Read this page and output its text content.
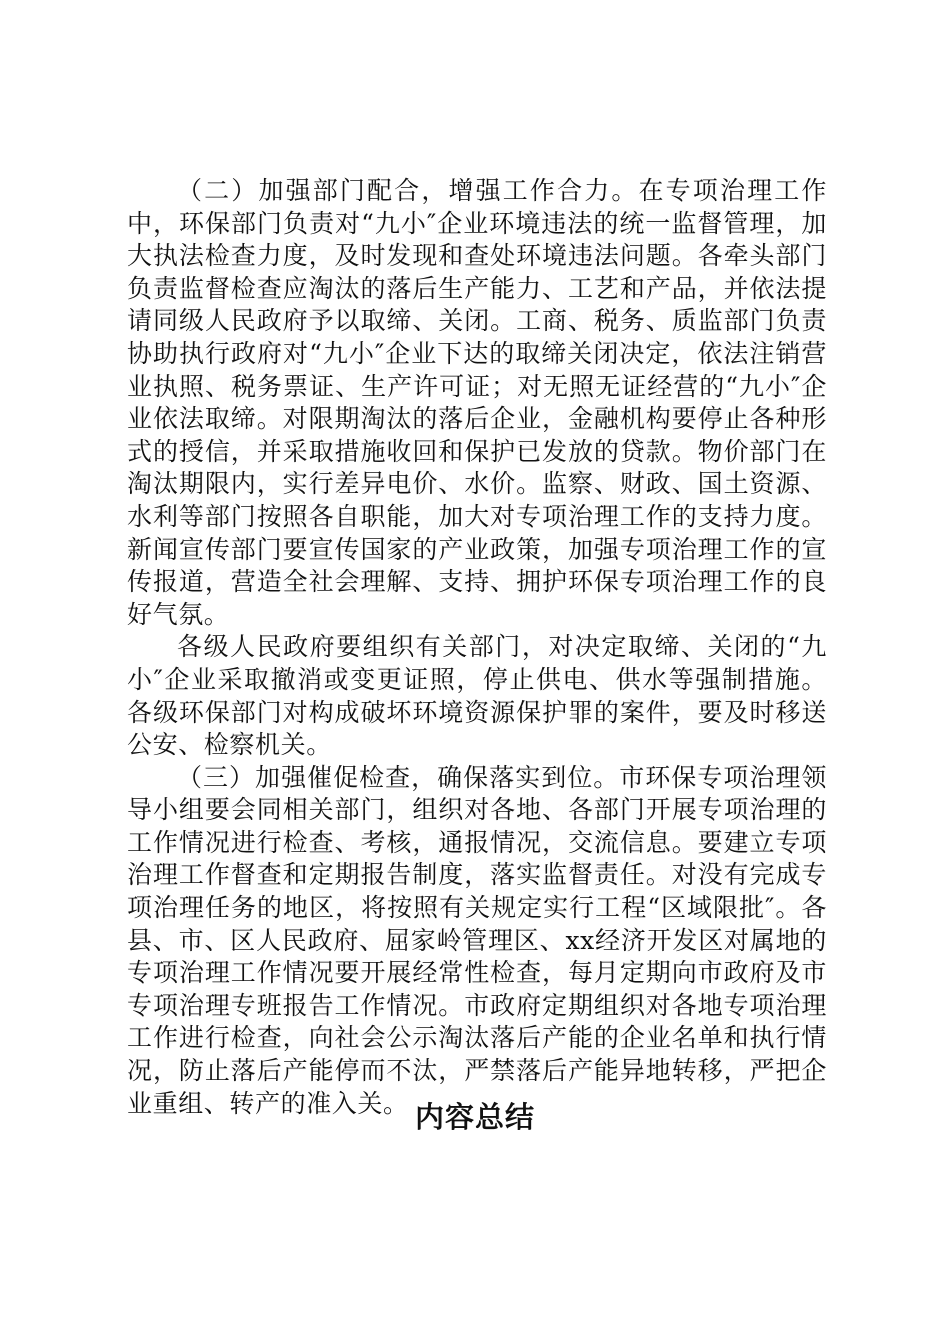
（二）加强部门配合，增强工作合力。在专项治理工作中，环保部门负责对“九小″企业环境违法的统一监督管理，加大执法检查力度，及时发现和查处环境违法问题。各牵头部门负责监督检查应淘汰的落后生产能力、工艺和产品，并依法提请同级人民政府予以取缔、关闭。工商、税务、质监部门负责协助执行政府对“九小″企业下达的取缔关闭决定，依法注销营业执照、税务票证、生产许可证；对无照无证经营的“九小″企业依法取缔。对限期淘汰的落后企业，金融机构要停止各种形式的授信，并采取措施收回和保护已发放的贷款。物价部门在淘汰期限内，实行差异电价、水价。监察、财政、国土资源、水利等部门按照各自职能，加大对专项治理工作的支持力度。新闻宣传部门要宣传国家的产业政策，加强专项治理工作的宣传报道，营造全社会理解、支持、拥护环保专项治理工作的良好气氛。

各级人民政府要组织有关部门，对决定取缔、关闭的“九小″企业采取撤消或变更证照，停止供电、供水等强制措施。各级环保部门对构成破坏环境资源保护罪的案件，要及时移送公安、检察机关。

（三）加强催促检查，确保落实到位。市环保专项治理领导小组要会同相关部门，组织对各地、各部门开展专项治理的工作情况进行检查、考核，通报情况，交流信息。要建立专项治理工作督查和定期报告制度，落实监督责任。对没有完成专项治理任务的地区，将按照有关规定实行工程“区域限批″。各县、市、区人民政府、屈家岭管理区、xx经济开发区对属地的专项治理工作情况要开展经常性检查，每月定期向市政府及市专项治理专班报告工作情况。市政府定期组织对各地专项治理工作进行检查，向社会公示淘汰落后产能的企业名单和执行情况，防止落后产能停而不汰，严禁落后产能异地转移，严把企业重组、转产的准入关。 内容总结
